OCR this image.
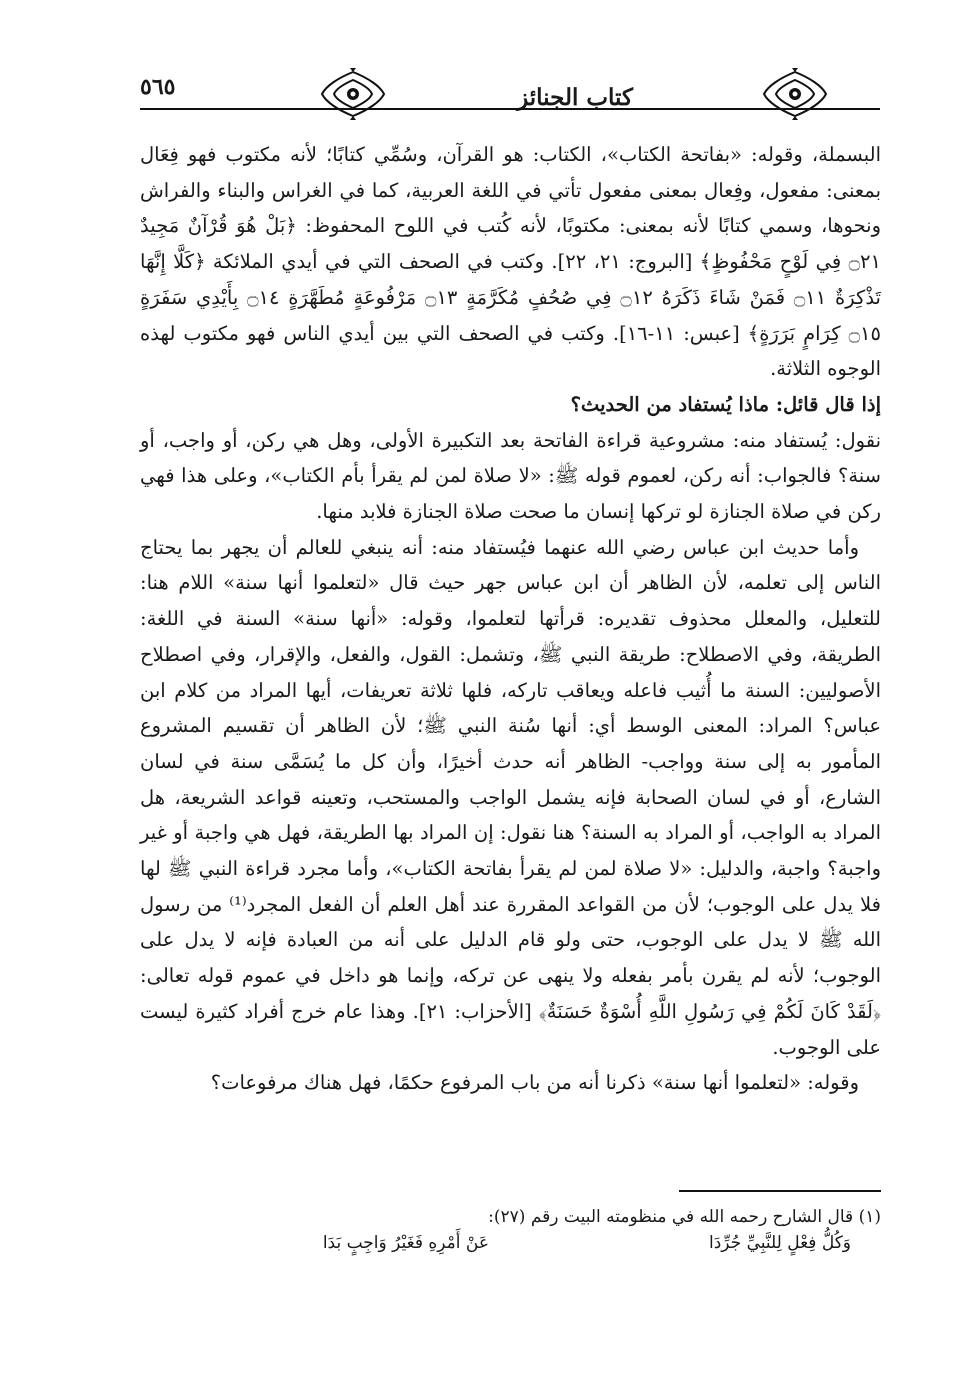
٥٦٥	كتاب الجنائز

البسملة، وقوله: «بفاتحة الكتاب»، الكتاب: هو القرآن، وسُمِّي كتابًا؛ لأنه مكتوب فهو فِعَال بمعنى: مفعول، وفِعال بمعنى مفعول تأتي في اللغة العربية، كما في الغراس والبناء والفراش ونحوها، وسمي كتابًا لأنه بمعنى: مكتوبًا، لأنه كُتب في اللوح المحفوظ: ﴿بَلْ هُوَ قُرْآنٌ مَجِيدٌ ۝٢١ فِي لَوْحٍ مَحْفُوظٍ﴾ [البروج: ٢١، ٢٢]. وكتب في الصحف التي في أيدي الملائكة ﴿كَلَّا إِنَّهَا تَذْكِرَةٌ ۝١١ فَمَنْ شَاءَ ذَكَرَهُ ۝١٢ فِي صُحُفٍ مُكَرَّمَةٍ ۝١٣ مَرْفُوعَةٍ مُطَهَّرَةٍ ۝١٤ بِأَيْدِي سَفَرَةٍ ۝١٥ كِرَامٍ بَرَرَةٍ﴾ [عبس: ١١-١٦]. وكتب في الصحف التي بين أيدي الناس فهو مكتوب لهذه الوجوه الثلاثة.

إذا قال قائل: ماذا يُستفاد من الحديث؟

نقول: يُستفاد منه: مشروعية قراءة الفاتحة بعد التكبيرة الأولى، وهل هي ركن، أو واجب، أو سنة؟ فالجواب: أنه ركن، لعموم قوله ﷺ: «لا صلاة لمن لم يقرأ بأم الكتاب»، وعلى هذا فهي ركن في صلاة الجنازة لو تركها إنسان ما صحت صلاة الجنازة فلابد منها.

وأما حديث ابن عباس رضي الله عنهما فيُستفاد منه: أنه ينبغي للعالم أن يجهر بما يحتاج الناس إلى تعلمه، لأن الظاهر أن ابن عباس جهر حيث قال «لتعلموا أنها سنة» اللام هنا: للتعليل، والمعلل محذوف تقديره: قرأتها لتعلموا، وقوله: «أنها سنة» السنة في اللغة: الطريقة، وفي الاصطلاح: طريقة النبي ﷺ، وتشمل: القول، والفعل، والإقرار، وفي اصطلاح الأصوليين: السنة ما أُثيب فاعله ويعاقب تاركه، فلها ثلاثة تعريفات، أيها المراد من كلام ابن عباس؟ المراد: المعنى الوسط أي: أنها سُنة النبي ﷺ؛ لأن الظاهر أن تقسيم المشروع المأمور به إلى سنة وواجب- الظاهر أنه حدث أخيرًا، وأن كل ما يُسَمَّى سنة في لسان الشارع، أو في لسان الصحابة فإنه يشمل الواجب والمستحب، وتعينه قواعد الشريعة، هل المراد به الواجب، أو المراد به السنة؟ هنا نقول: إن المراد بها الطريقة، فهل هي واجبة أو غير واجبة؟ واجبة، والدليل: «لا صلاة لمن لم يقرأ بفاتحة الكتاب»، وأما مجرد قراءة النبي ﷺ لها فلا يدل على الوجوب؛ لأن من القواعد المقررة عند أهل العلم أن الفعل المجرد⁽¹⁾ من رسول الله ﷺ لا يدل على الوجوب، حتى ولو قام الدليل على أنه من العبادة فإنه لا يدل على الوجوب؛ لأنه لم يقرن بأمر بفعله ولا ينهى عن تركه، وإنما هو داخل في عموم قوله تعالى: ﴿لَقَدْ كَانَ لَكُمْ فِي رَسُولِ اللَّهِ أُسْوَةٌ حَسَنَةٌ﴾ [الأحزاب: ٢١]. وهذا عام خرج أفراد كثيرة ليست على الوجوب.

وقوله: «لتعلموا أنها سنة» ذكرنا أنه من باب المرفوع حكمًا، فهل هناك مرفوعات؟

(١) قال الشارح رحمه الله في منظومته البيت رقم (٢٧):
وَكُلُّ فِعْلٍ لِلنَّبِيِّ جُرِّدَا
عَنْ أَمْرِهِ فَغَيْرُ وَاجِبٍ بَدَا
